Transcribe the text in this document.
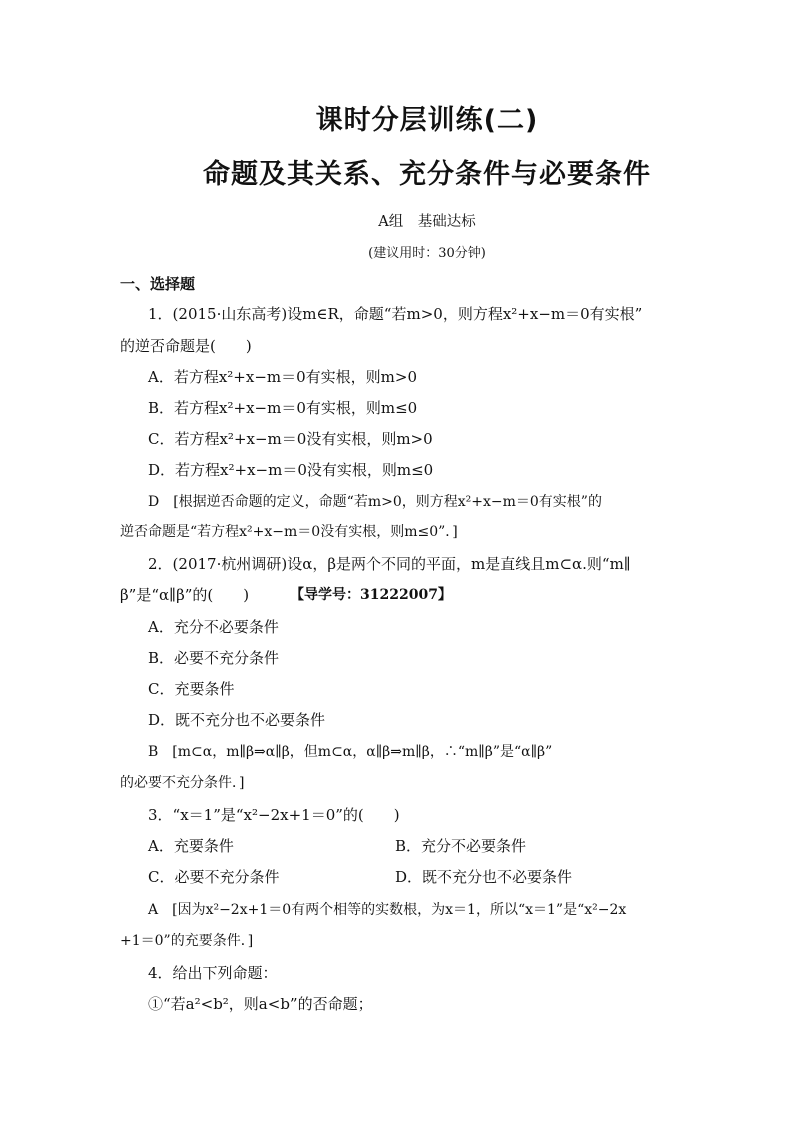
课时分层训练(二)
命题及其关系、充分条件与必要条件
A组　基础达标
(建议用时：30分钟)
一、选择题
1．(2015·山东高考)设m∈R，命题“若m>0，则方程x²+x−m＝0有实根”
的逆否命题是(　　)
A．若方程x²+x−m＝0有实根，则m>0
B．若方程x²+x−m＝0有实根，则m≤0
C．若方程x²+x−m＝0没有实根，则m>0
D．若方程x²+x−m＝0没有实根，则m≤0
D　[根据逆否命题的定义，命题“若m>0，则方程x²+x−m＝0有实根”的
逆否命题是“若方程x²+x−m＝0没有实根，则m≤0”．]
2．(2017·杭州调研)设α，β是两个不同的平面，m是直线且m⊂α.则“m∥
β”是“α∥β”的(　　)	【导学号：31222007】
A．充分不必要条件
B．必要不充分条件
C．充要条件
D．既不充分也不必要条件
B　[m⊂α，m∥β⇒α∥β，但m⊂α，α∥β⇒m∥β，∴“m∥β”是“α∥β”
的必要不充分条件．]
3．“x＝1”是“x²−2x+1＝0”的(　　)
A．充要条件	B．充分不必要条件
C．必要不充分条件	D．既不充分也不必要条件
A　[因为x²−2x+1＝0有两个相等的实数根，为x＝1，所以“x＝1”是“x²−2x
+1＝0”的充要条件．]
4．给出下列命题：
①“若a²<b²，则a<b”的否命题；
